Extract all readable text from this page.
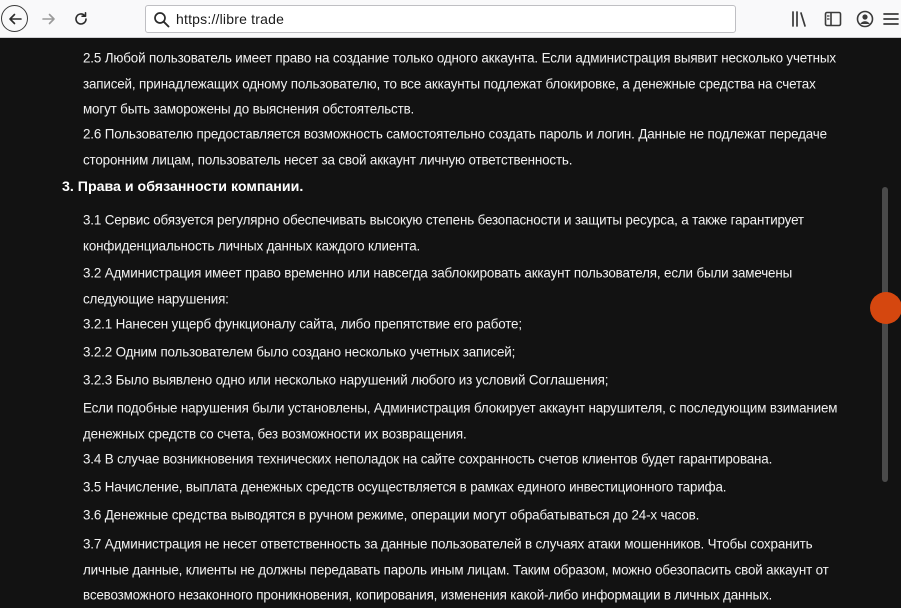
https://libre trade
2.5 Любой пользователь имеет право на создание только одного аккаунта. Если администрация выявит несколько учетных записей, принадлежащих одному пользователю, то все аккаунты подлежат блокировке, а денежные средства на счетах могут быть заморожены до выяснения обстоятельств.
2.6 Пользователю предоставляется возможность самостоятельно создать пароль и логин. Данные не подлежат передаче сторонним лицам, пользователь несет за свой аккаунт личную ответственность.
3. Права и обязанности компании.
3.1 Сервис обязуется регулярно обеспечивать высокую степень безопасности и защиты ресурса, а также гарантирует конфиденциальность личных данных каждого клиента.
3.2 Администрация имеет право временно или навсегда заблокировать аккаунт пользователя, если были замечены следующие нарушения:
3.2.1 Нанесен ущерб функционалу сайта, либо препятствие его работе;
3.2.2 Одним пользователем было создано несколько учетных записей;
3.2.3 Было выявлено одно или несколько нарушений любого из условий Соглашения;
Если подобные нарушения были установлены, Администрация блокирует аккаунт нарушителя, с последующим взиманием денежных средств со счета, без возможности их возвращения.
3.4 В случае возникновения технических неполадок на сайте сохранность счетов клиентов будет гарантирована.
3.5 Начисление, выплата денежных средств осуществляется в рамках единого инвестиционного тарифа.
3.6 Денежные средства выводятся в ручном режиме, операции могут обрабатываться до 24-х часов.
3.7 Администрация не несет ответственность за данные пользователей в случаях атаки мошенников. Чтобы сохранить личные данные, клиенты не должны передавать пароль иным лицам. Таким образом, можно обезопасить свой аккаунт от всевозможного незаконного проникновения, копирования, изменения какой-либо информации в личных данных.
